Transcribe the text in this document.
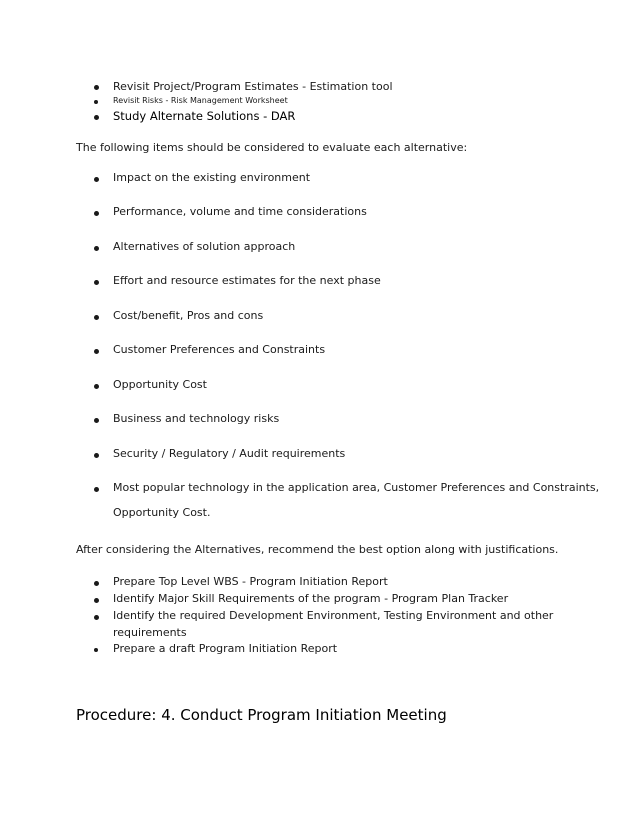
Revisit Project/Program Estimates - Estimation tool
Revisit Risks - Risk Management Worksheet
Study Alternate Solutions - DAR
The following items should be considered to evaluate each alternative:
Impact on the existing environment
Performance, volume and time considerations
Alternatives of solution approach
Effort and resource estimates for the next phase
Cost/benefit, Pros and cons
Customer Preferences and Constraints
Opportunity Cost
Business and technology risks
Security / Regulatory / Audit requirements
Most popular technology in the application area, Customer Preferences and Constraints,
Opportunity Cost.
After considering the Alternatives, recommend the best option along with justifications.
Prepare Top Level WBS - Program Initiation Report
Identify Major Skill Requirements of the program - Program Plan Tracker
Identify the required Development Environment, Testing Environment and other
requirements
Prepare a draft Program Initiation Report
Procedure: 4. Conduct Program Initiation Meeting
